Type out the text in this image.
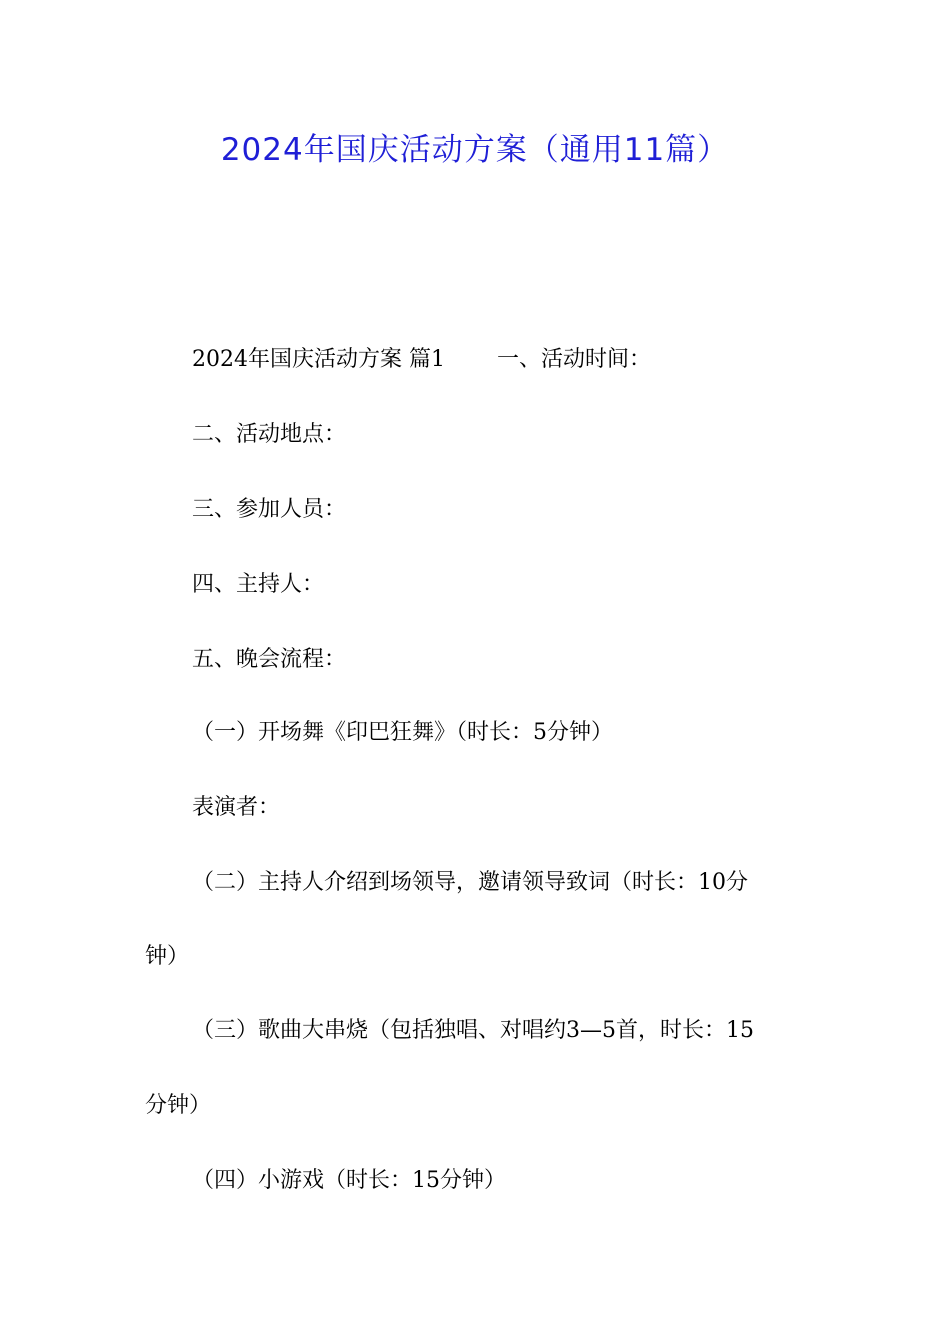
2024年国庆活动方案（通用11篇）
2024年国庆活动方案 篇1 一、活动时间：
二、活动地点：
三、参加人员：
四、主持人：
五、晚会流程：
（一）开场舞《印巴狂舞》（时长：5分钟）
表演者：
（二）主持人介绍到场领导，邀请领导致词（时长：10分
钟）
（三）歌曲大串烧（包括独唱、对唱约3—5首，时长：15
分钟）
（四）小游戏（时长：15分钟）
